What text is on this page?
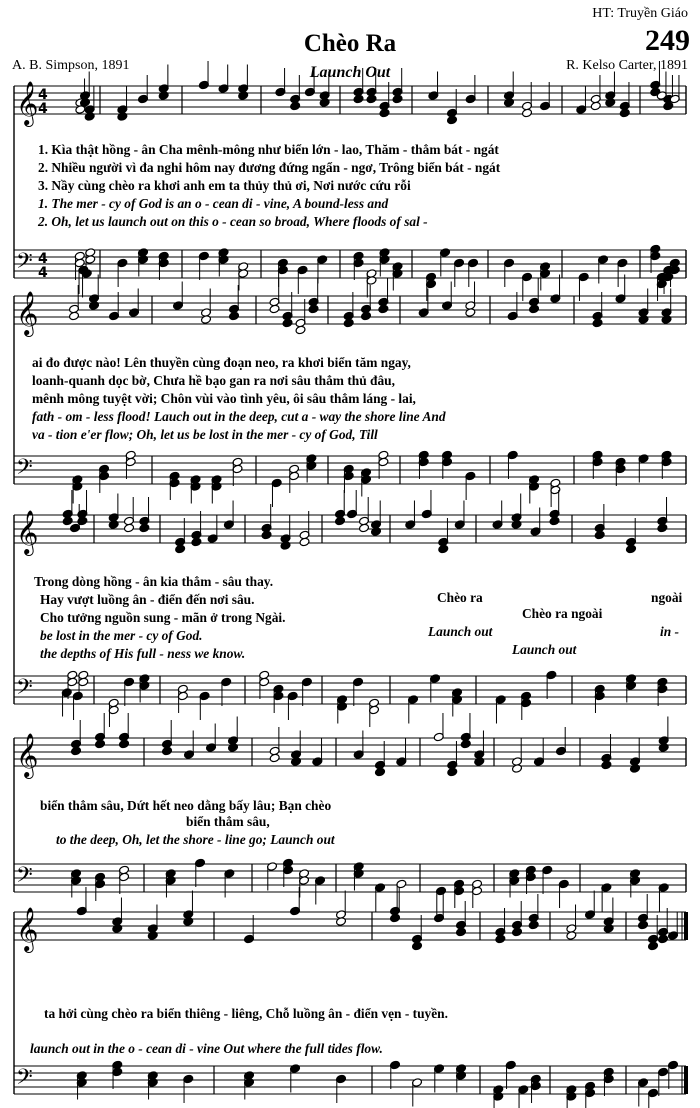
HT: Truyền Giáo
249
Chèo Ra
Launch Out
A. B. Simpson, 1891	R. Kelso Carter, 1891
𝄞 4
4
𝄢 4
4
𝄞
𝄢
𝄞
𝄢
𝄞
𝄢
𝄞
𝄢
1. Kìa thật hồng - ân Cha mênh-mông như biển lớn - lao, Thăm - thẳm bát - ngát
2. Nhiều người vì đa nghi hôm nay đương đứng ngẩn - ngơ, Trông biển bát - ngát
3. Nầy cùng chèo ra khơi anh em ta thủy thủ ơi, Nơi nước cứu rỗi
1. The mer - cy of God is an o - cean di - vine, A bound-less and
2. Oh, let us launch out on this o - cean so broad, Where floods of sal -
ai đo được nào! Lên thuyền cùng đoạn neo, ra khơi biển tăm ngay,
loanh-quanh dọc bờ, Chưa hề bạo gan ra nơi sâu thẳm thủ đâu,
mênh mông tuyệt vời; Chôn vùi vào tình yêu, ôi sâu thẳm láng - lai,
fath - om - less flood! Lauch out in the deep, cut a - way the shore line And
va - tion e'er flow; Oh, let us be lost in the mer - cy of God, Till
Trong dòng hồng - ân kia thẳm - sâu thay.
Hay vượt luồng ân - điển đến nơi sâu.
Cho tưởng nguồn sung - mãn ở trong Ngài.
be lost in the mer - cy of God.
the depths of His full - ness we know.
Chèo ra	ngoài
Chèo ra ngoài
Launch out	in -
Launch out
biển thẳm sâu, Dứt hết neo dằng bấy lâu; Bạn chèo
biển thẳm sâu,
to the deep, Oh, let the shore - line go; Launch out
ta hởi cùng chèo ra biển thiêng - liêng, Chỗ luồng ân - điển vẹn - tuyền.
launch out in the o - cean di - vine Out where the full tides flow.
